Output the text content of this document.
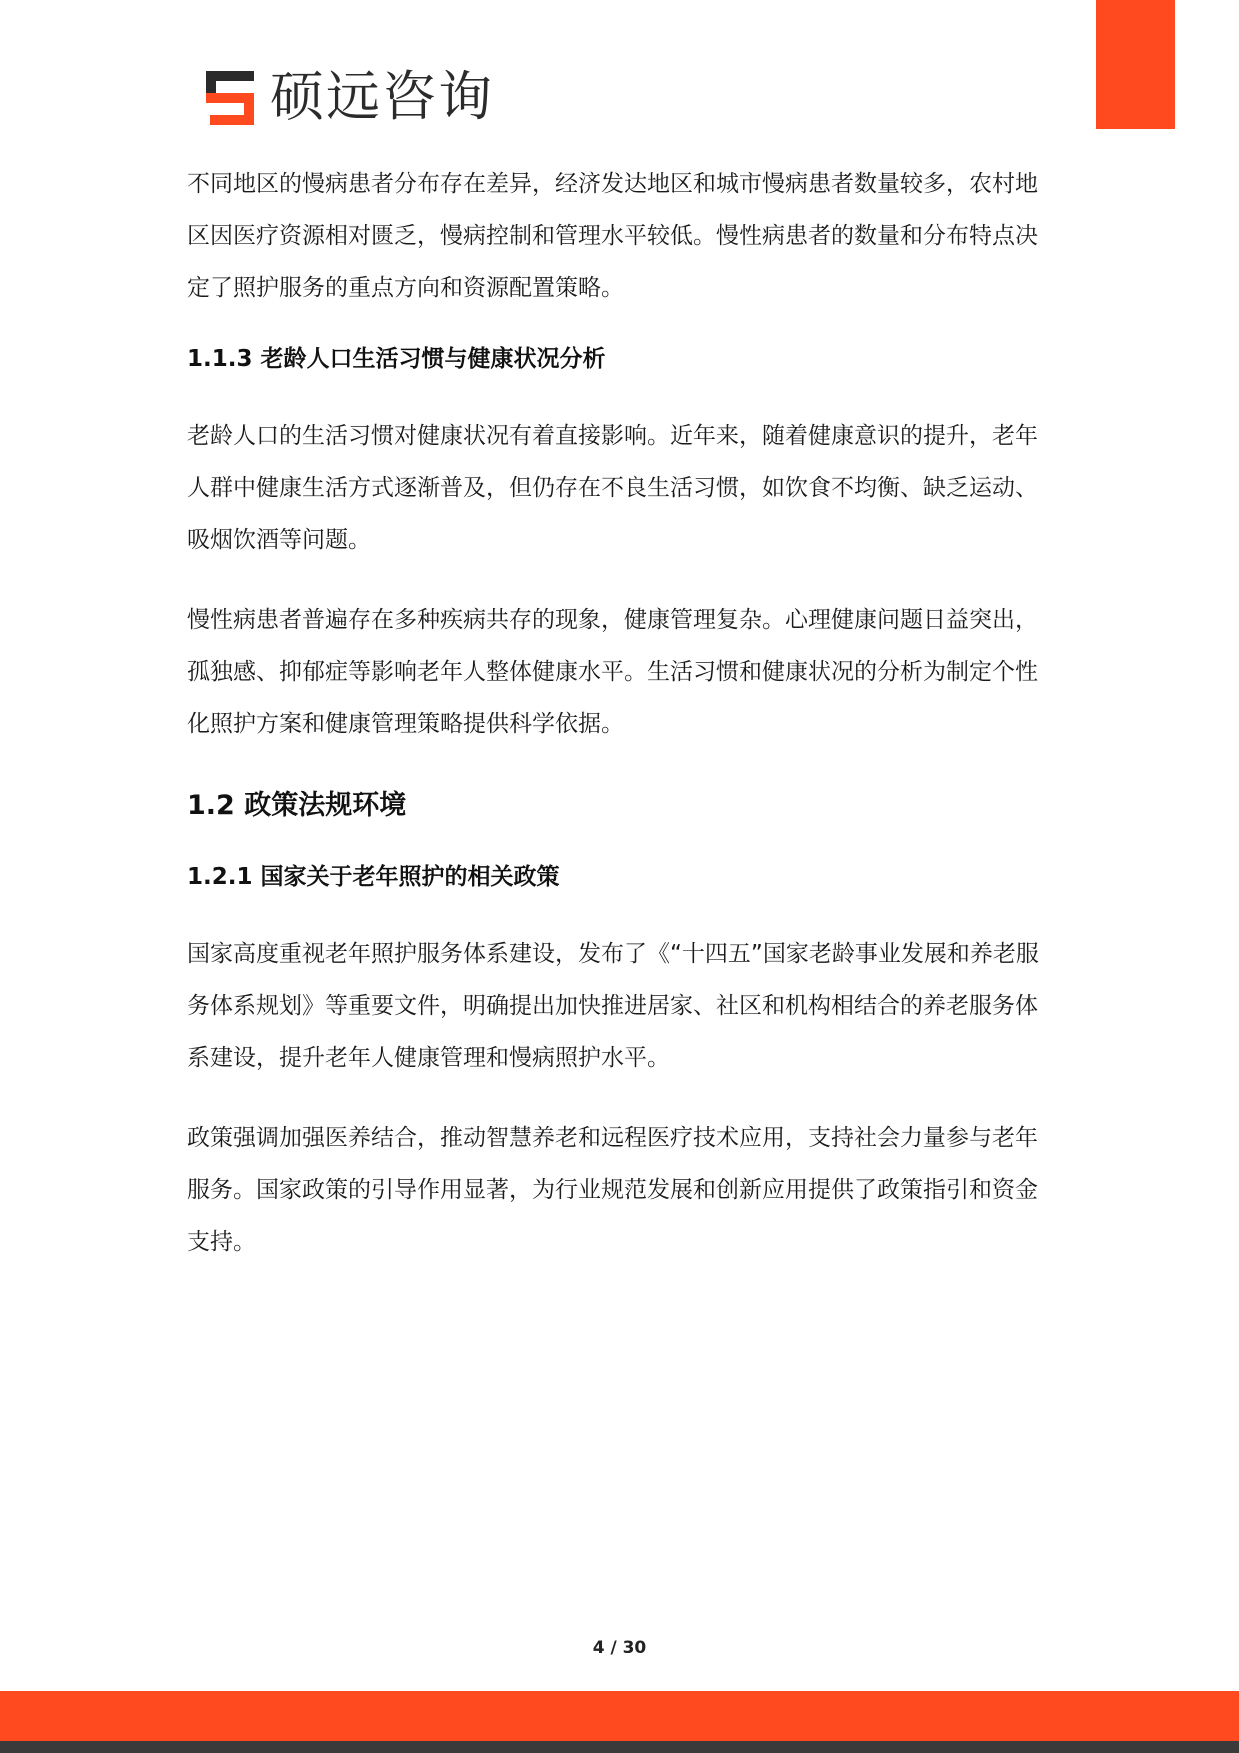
硕远咨询

不同地区的慢病患者分布存在差异，经济发达地区和城市慢病患者数量较多，农村地区因医疗资源相对匮乏，慢病控制和管理水平较低。慢性病患者的数量和分布特点决定了照护服务的重点方向和资源配置策略。

1.1.3 老龄人口生活习惯与健康状况分析

老龄人口的生活习惯对健康状况有着直接影响。近年来，随着健康意识的提升，老年人群中健康生活方式逐渐普及，但仍存在不良生活习惯，如饮食不均衡、缺乏运动、吸烟饮酒等问题。

慢性病患者普遍存在多种疾病共存的现象，健康管理复杂。心理健康问题日益突出，孤独感、抑郁症等影响老年人整体健康水平。生活习惯和健康状况的分析为制定个性化照护方案和健康管理策略提供科学依据。

1.2 政策法规环境
1.2.1 国家关于老年照护的相关政策

国家高度重视老年照护服务体系建设，发布了《“十四五”国家老龄事业发展和养老服务体系规划》等重要文件，明确提出加快推进居家、社区和机构相结合的养老服务体系建设，提升老年人健康管理和慢病照护水平。

政策强调加强医养结合，推动智慧养老和远程医疗技术应用，支持社会力量参与老年服务。国家政策的引导作用显著，为行业规范发展和创新应用提供了政策指引和资金支持。

4 / 30
